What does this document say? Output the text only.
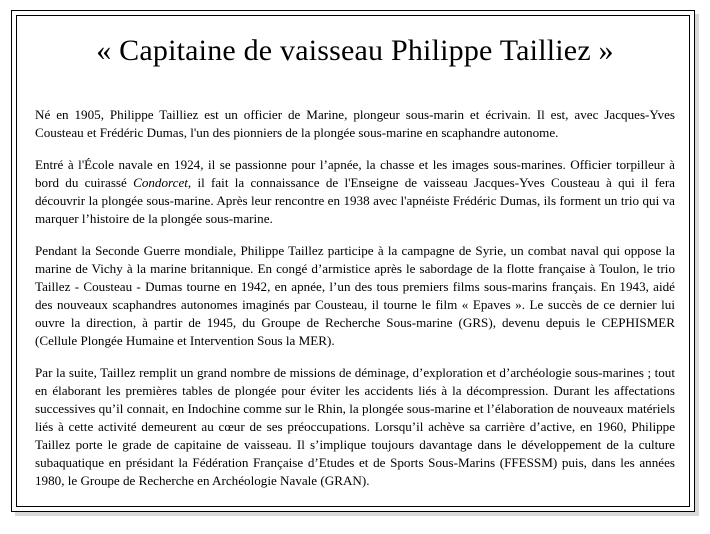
« Capitaine de vaisseau Philippe Tailliez »

Né en 1905, Philippe Tailliez est un officier de Marine, plongeur sous-marin et écrivain. Il est, avec Jacques-Yves Cousteau et Frédéric Dumas, l'un des pionniers de la plongée sous-marine en scaphandre autonome.

Entré à l'École navale en 1924, il se passionne pour l’apnée, la chasse et les images sous-marines. Officier torpilleur à bord du cuirassé Condorcet, il fait la connaissance de l'Enseigne de vaisseau Jacques-Yves Cousteau à qui il fera découvrir la plongée sous-marine. Après leur rencontre en 1938 avec l'apnéiste Frédéric Dumas, ils forment un trio qui va marquer l’histoire de la plongée sous-marine.

Pendant la Seconde Guerre mondiale, Philippe Taillez participe à la campagne de Syrie, un combat naval qui oppose la marine de Vichy à la marine britannique. En congé d’armistice après le sabordage de la flotte française à Toulon, le trio Taillez - Cousteau - Dumas tourne en 1942, en apnée, l’un des tous premiers films sous-marins français. En 1943, aidé des nouveaux scaphandres autonomes imaginés par Cousteau, il tourne le film « Epaves ». Le succès de ce dernier lui ouvre la direction, à partir de 1945, du Groupe de Recherche Sous-marine (GRS), devenu depuis le CEPHISMER (Cellule Plongée Humaine et Intervention Sous la MER).

Par la suite, Taillez remplit un grand nombre de missions de déminage, d’exploration et d’archéologie sous-marines ; tout en élaborant les premières tables de plongée pour éviter les accidents liés à la décompression. Durant les affectations successives qu’il connait, en Indochine comme sur le Rhin, la plongée sous-marine et l’élaboration de nouveaux matériels liés à cette activité demeurent au cœur de ses préoccupations. Lorsqu’il achève sa carrière d’active, en 1960, Philippe Taillez porte le grade de capitaine de vaisseau. Il s’implique toujours davantage dans le développement de la culture subaquatique en présidant la Fédération Française d’Etudes et de Sports Sous-Marins (FFESSM) puis, dans les années 1980, le Groupe de Recherche en Archéologie Navale (GRAN).
